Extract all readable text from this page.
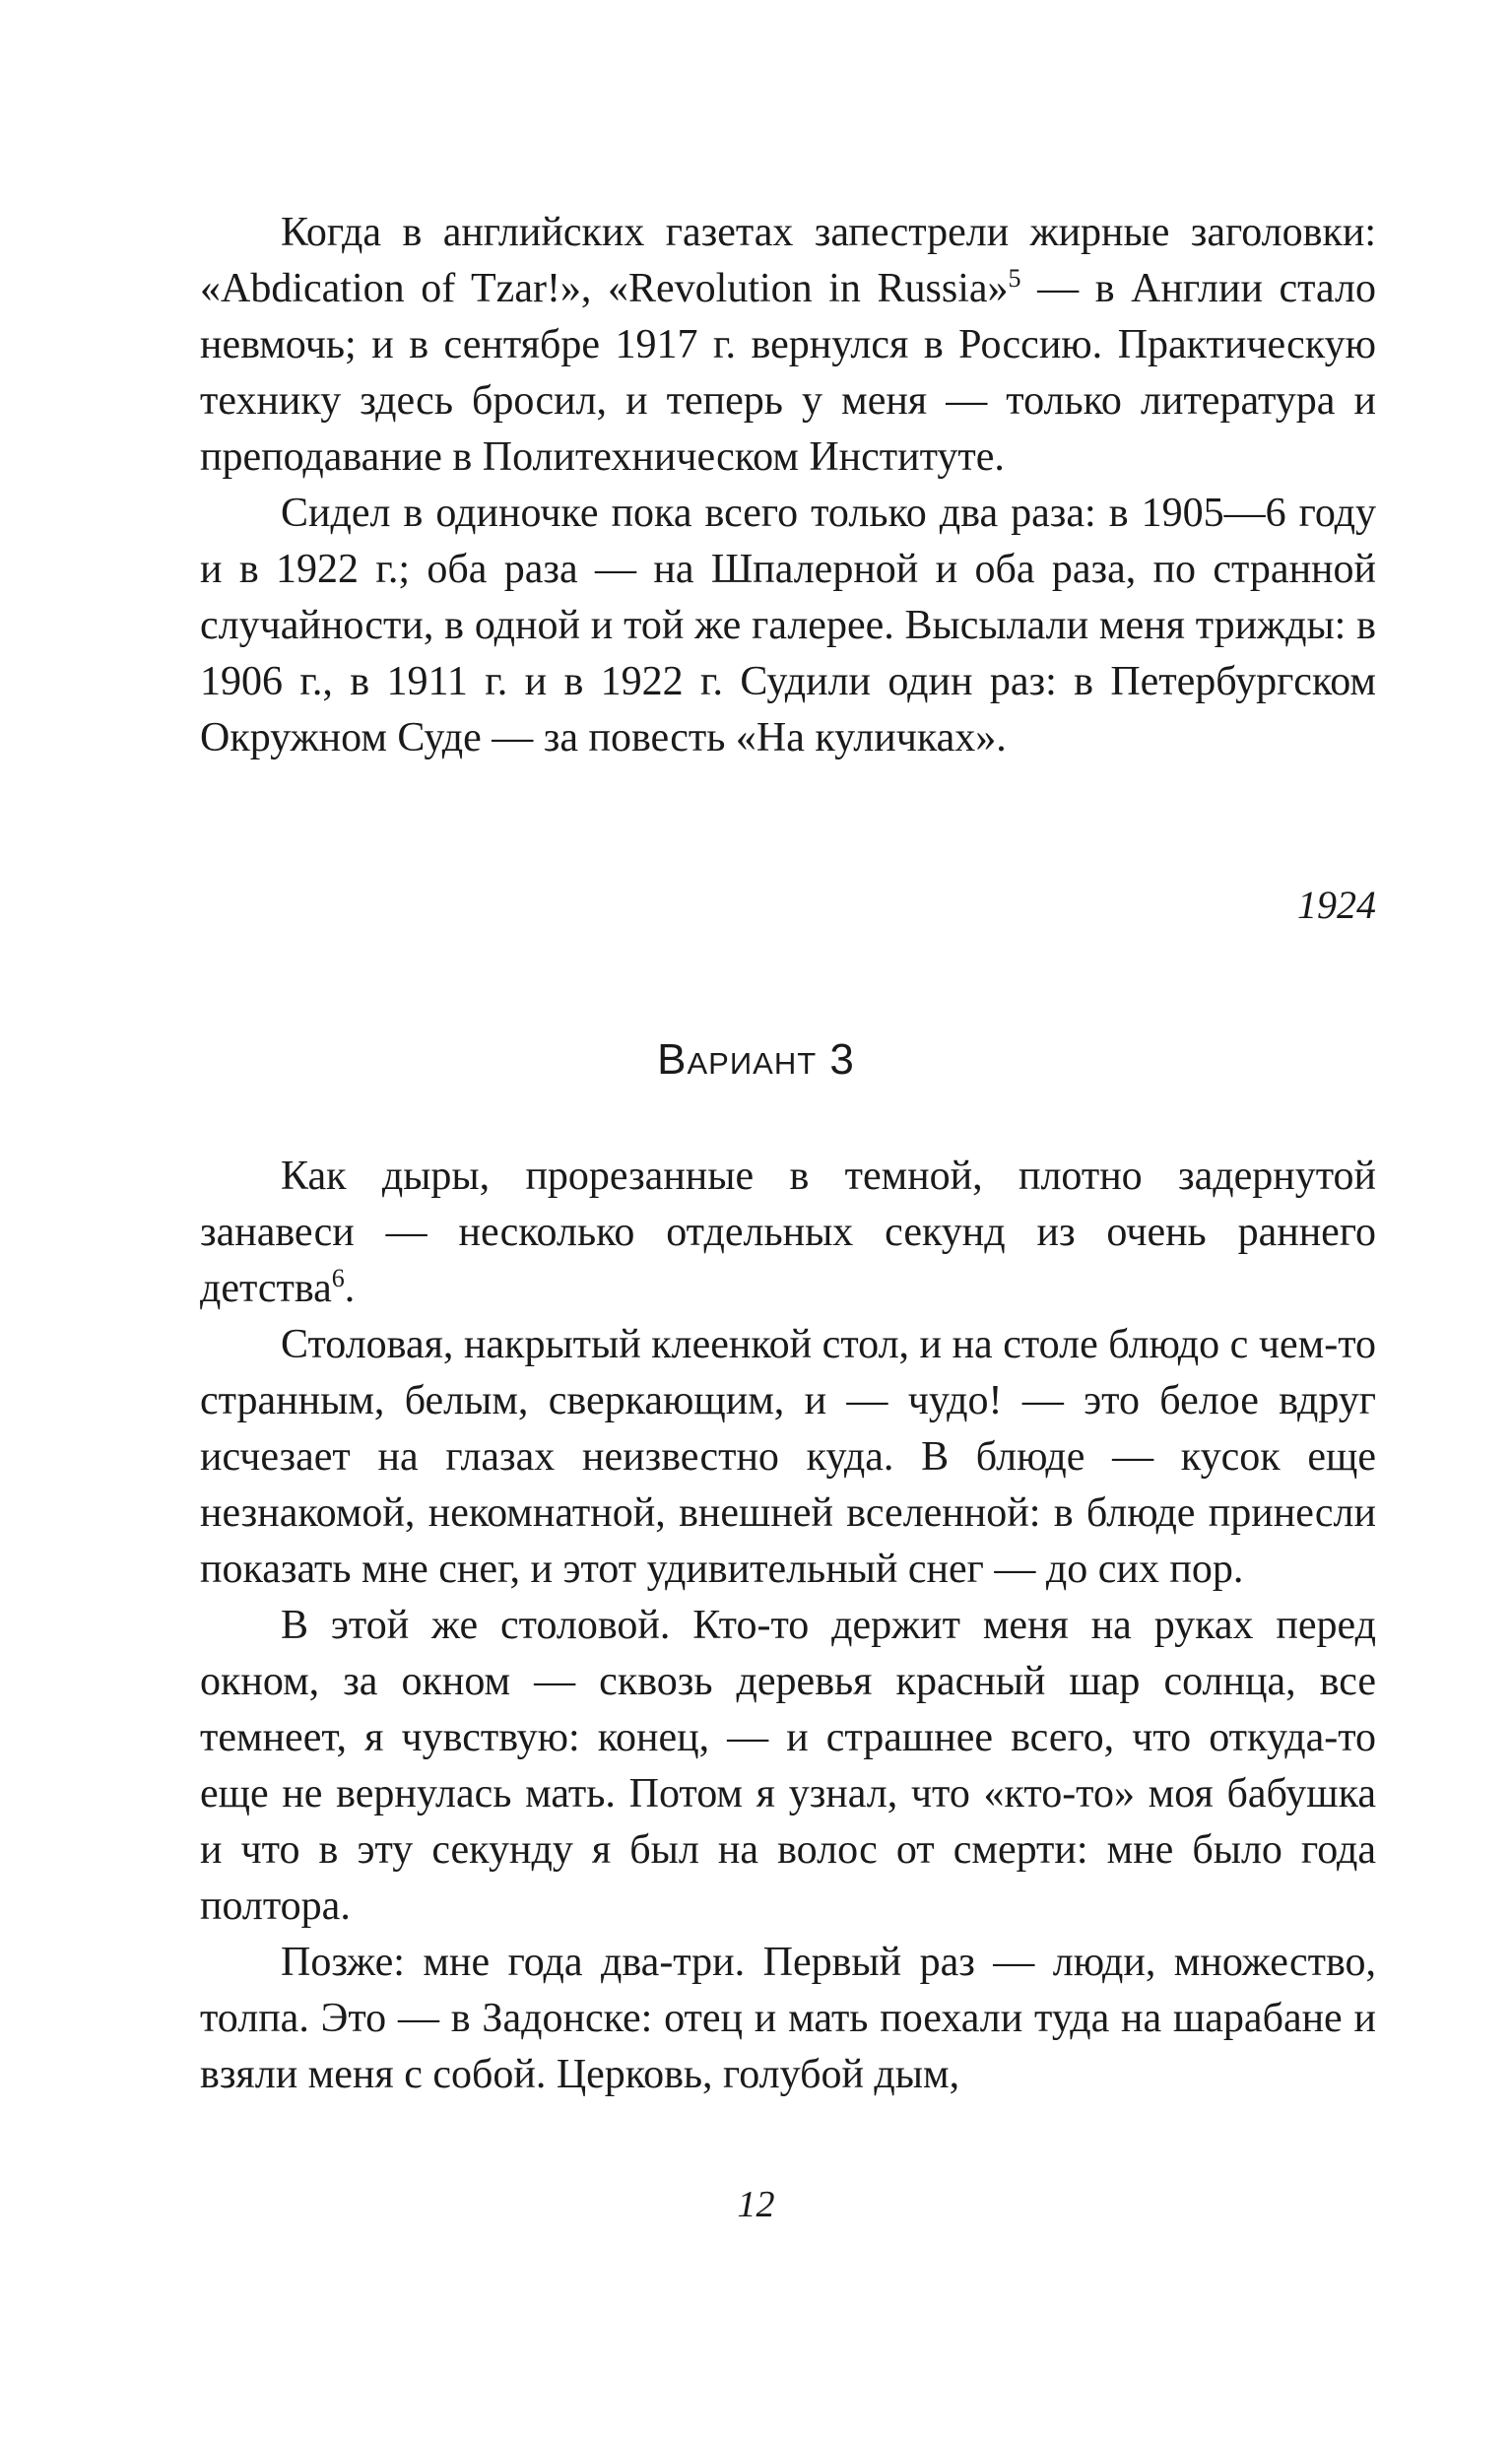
Когда в английских газетах запестрели жирные заголовки: «Abdication of Tzar!», «Revolution in Russia»$^5$ — в Англии стало невмочь; и в сентябре 1917 г. вернулся в Россию. Практическую технику здесь бросил, и теперь у меня — только литература и преподавание в Политехническом Институте.

Сидел в одиночке пока всего только два раза: в 1905—6 году и в 1922 г.; оба раза — на Шпалерной и оба раза, по странной случайности, в одной и той же галерее. Высылали меня трижды: в 1906 г., в 1911 г. и в 1922 г. Судили один раз: в Петербургском Окружном Суде — за повесть «На куличках».

1924
Вариант 3

Как дыры, прорезанные в темной, плотно задернутой занавеси — несколько отдельных секунд из очень раннего детства$^6$.

Столовая, накрытый клеенкой стол, и на столе блюдо с чем-то странным, белым, сверкающим, и — чудо! — это белое вдруг исчезает на глазах неизвестно куда. В блюде — кусок еще незнакомой, некомнатной, внешней вселенной: в блюде принесли показать мне снег, и этот удивительный снег — до сих пор.

В этой же столовой. Кто-то держит меня на руках перед окном, за окном — сквозь деревья красный шар солнца, все темнеет, я чувствую: конец, — и страшнее всего, что откуда-то еще не вернулась мать. Потом я узнал, что «кто-то» моя бабушка и что в эту секунду я был на волос от смерти: мне было года полтора.

Позже: мне года два-три. Первый раз — люди, множество, толпа. Это — в Задонске: отец и мать поехали туда на шарабане и взяли меня с собой. Церковь, голубой дым,

12
